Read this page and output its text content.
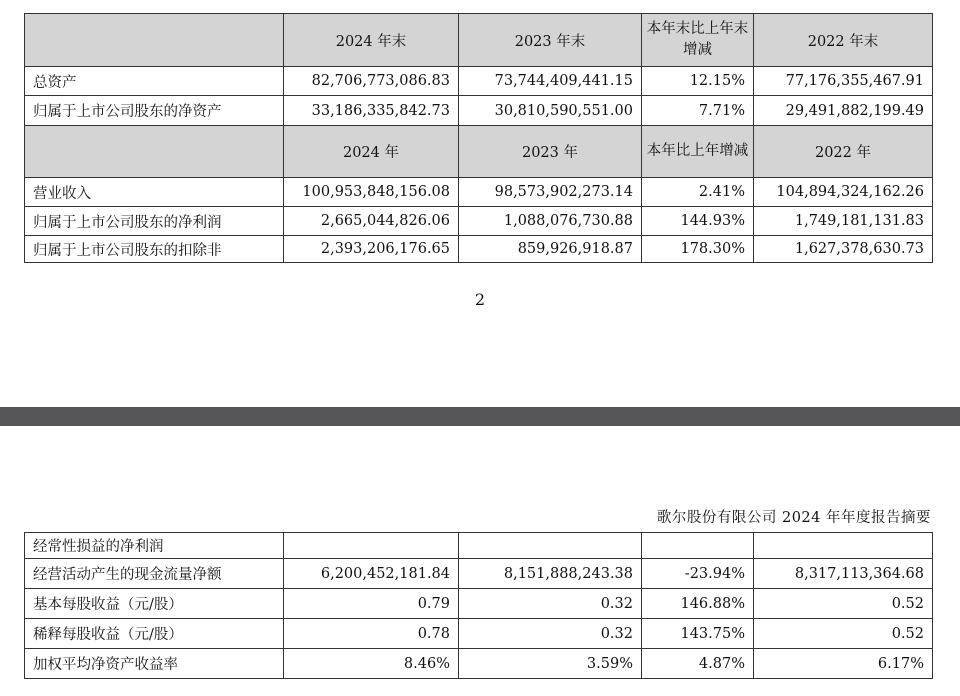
	2024 年末	2023 年末	本年末比上年末增减	2022 年末
总资产	82,706,773,086.83	73,744,409,441.15	12.15%	77,176,355,467.91
归属于上市公司股东的净资产	33,186,335,842.73	30,810,590,551.00	7.71%	29,491,882,199.49
	2024 年	2023 年	本年比上年增减	2022 年
营业收入	100,953,848,156.08	98,573,902,273.14	2.41%	104,894,324,162.26
归属于上市公司股东的净利润	2,665,044,826.06	1,088,076,730.88	144.93%	1,749,181,131.83
归属于上市公司股东的扣除非	2,393,206,176.65	859,926,918.87	178.30%	1,627,378,630.73
2
歌尔股份有限公司 2024 年年度报告摘要
经常性损益的净利润				
经营活动产生的现金流量净额	6,200,452,181.84	8,151,888,243.38	-23.94%	8,317,113,364.68
基本每股收益（元/股）	0.79	0.32	146.88%	0.52
稀释每股收益（元/股）	0.78	0.32	143.75%	0.52
加权平均净资产收益率	8.46%	3.59%	4.87%	6.17%
